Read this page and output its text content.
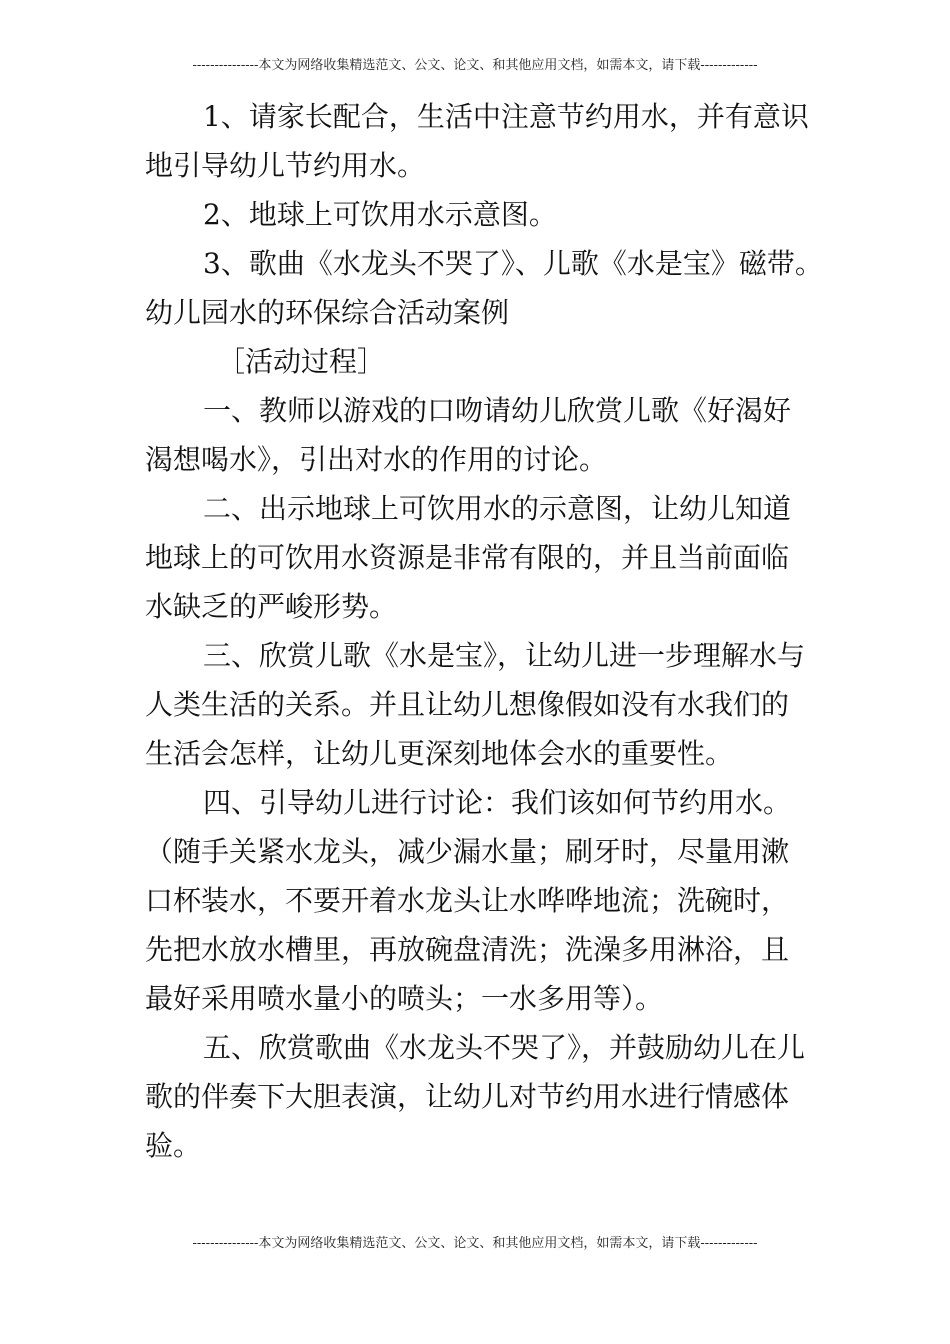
---------------本文为网络收集精选范文、公文、论文、和其他应用文档，如需本文，请下载-------------
1、请家长配合，生活中注意节约用水，并有意识
地引导幼儿节约用水。
2、地球上可饮用水示意图。
3、歌曲《水龙头不哭了》、儿歌《水是宝》磁带。
幼儿园水的环保综合活动案例
［活动过程］
一、教师以游戏的口吻请幼儿欣赏儿歌《好渴好
渴想喝水》，引出对水的作用的讨论。
二、出示地球上可饮用水的示意图，让幼儿知道
地球上的可饮用水资源是非常有限的，并且当前面临
水缺乏的严峻形势。
三、欣赏儿歌《水是宝》，让幼儿进一步理解水与
人类生活的关系。并且让幼儿想像假如没有水我们的
生活会怎样，让幼儿更深刻地体会水的重要性。
四、引导幼儿进行讨论：我们该如何节约用水。
（随手关紧水龙头，减少漏水量；刷牙时，尽量用漱
口杯装水，不要开着水龙头让水哗哗地流；洗碗时，
先把水放水槽里，再放碗盘清洗；洗澡多用淋浴，且
最好采用喷水量小的喷头；一水多用等）。
五、欣赏歌曲《水龙头不哭了》，并鼓励幼儿在儿
歌的伴奏下大胆表演，让幼儿对节约用水进行情感体
验。
---------------本文为网络收集精选范文、公文、论文、和其他应用文档，如需本文，请下载-------------
